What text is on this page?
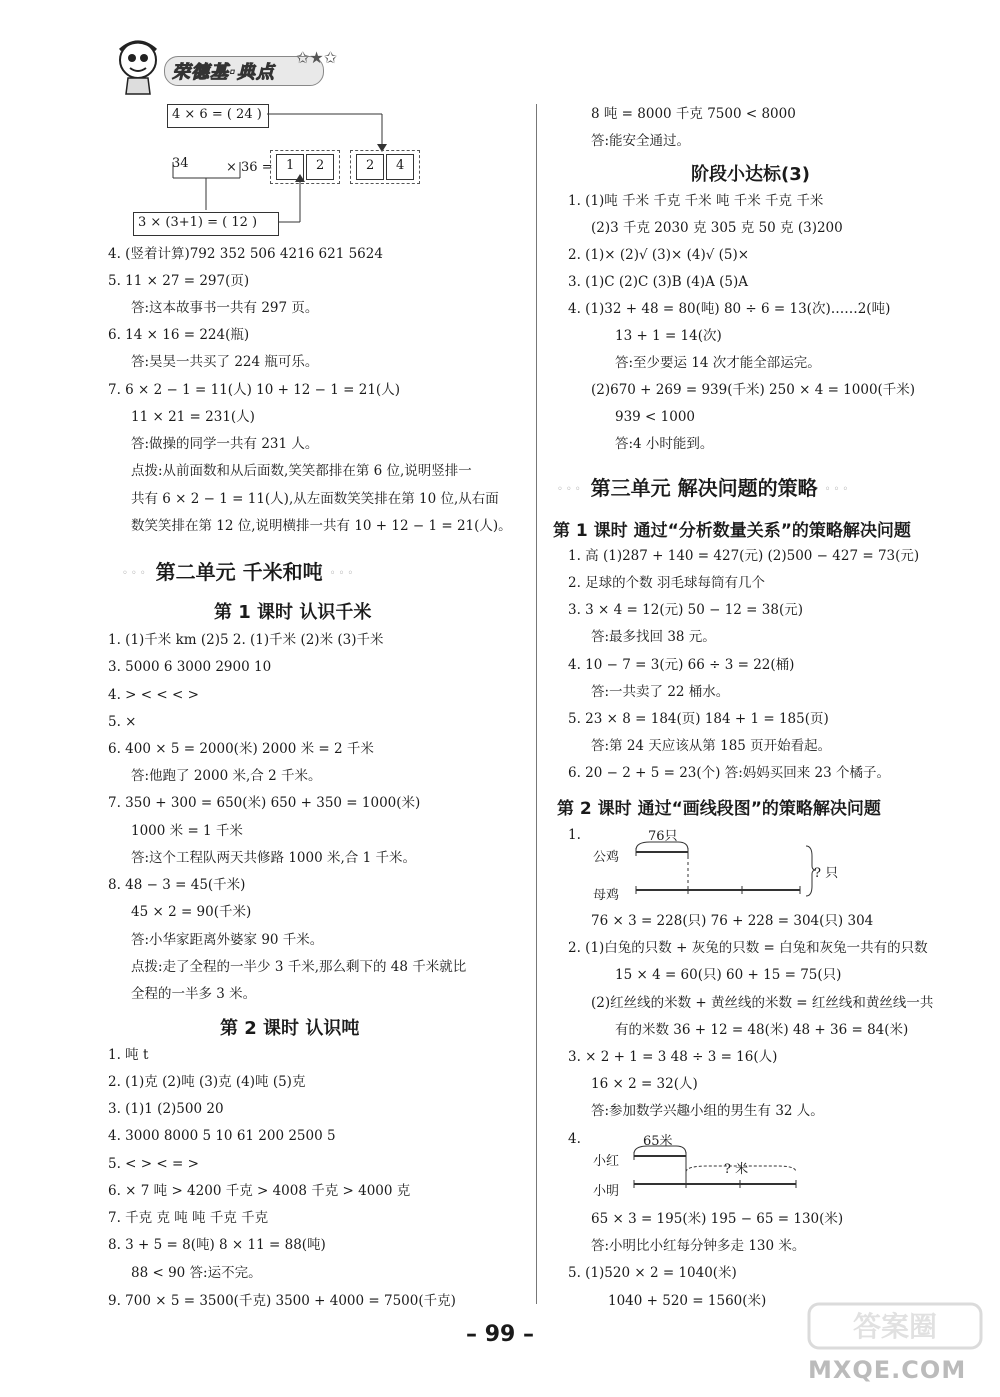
荣德基·典点
✩★✩
4 × 6 = ( 24 )
34	× 36 = 1 2	2 4
3 × (3+1) = ( 12 )
4. (竖着计算)792 352 506 4216 621 5624
5. 11 × 27 = 297(页)
答:这本故事书一共有 297 页。
6. 14 × 16 = 224(瓶)
答:昊昊一共买了 224 瓶可乐。
7. 6 × 2 − 1 = 11(人) 10 + 12 − 1 = 21(人)
11 × 21 = 231(人)
答:做操的同学一共有 231 人。
点拨:从前面数和从后面数,笑笑都排在第 6 位,说明竖排一
共有 6 × 2 − 1 = 11(人),从左面数笑笑排在第 10 位,从右面
数笑笑排在第 12 位,说明横排一共有 10 + 12 − 1 = 21(人)。
◦◦◦ 第二单元 千米和吨 ◦◦◦
第 1 课时 认识千米
1. (1)千米 km (2)5 2. (1)千米 (2)米 (3)千米
3. 5000 6 3000 2900 10
4. > < < < >
5. ×
6. 400 × 5 = 2000(米) 2000 米 = 2 千米
答:他跑了 2000 米,合 2 千米。
7. 350 + 300 = 650(米) 650 + 350 = 1000(米)
1000 米 = 1 千米
答:这个工程队两天共修路 1000 米,合 1 千米。
8. 48 − 3 = 45(千米)
45 × 2 = 90(千米)
答:小华家距离外婆家 90 千米。
点拨:走了全程的一半少 3 千米,那么剩下的 48 千米就比
全程的一半多 3 米。
第 2 课时 认识吨
1. 吨 t
2. (1)克 (2)吨 (3)克 (4)吨 (5)克
3. (1)1 (2)500 20
4. 3000 8000 5 10 61 200 2500 5
5. < > < = >
6. × 7 吨 > 4200 千克 > 4008 千克 > 4000 克
7. 千克 克 吨 吨 千克 千克
8. 3 + 5 = 8(吨) 8 × 11 = 88(吨)
88 < 90 答:运不完。
9. 700 × 5 = 3500(千克) 3500 + 4000 = 7500(千克)
8 吨 = 8000 千克 7500 < 8000
答:能安全通过。
阶段小达标(3)
1. (1)吨 千米 千克 千米 吨 千米 千克 千米
(2)3 千克 2030 克 305 克 50 克 (3)200
2. (1)× (2)√ (3)× (4)√ (5)×
3. (1)C (2)C (3)B (4)A (5)A
4. (1)32 + 48 = 80(吨) 80 ÷ 6 = 13(次)……2(吨)
13 + 1 = 14(次)
答:至少要运 14 次才能全部运完。
(2)670 + 269 = 939(千米) 250 × 4 = 1000(千米)
939 < 1000
答:4 小时能到。
◦◦◦ 第三单元 解决问题的策略 ◦◦◦
第 1 课时 通过“分析数量关系”的策略解决问题
1. 高 (1)287 + 140 = 427(元) (2)500 − 427 = 73(元)
2. 足球的个数 羽毛球每筒有几个
3. 3 × 4 = 12(元) 50 − 12 = 38(元)
答:最多找回 38 元。
4. 10 − 7 = 3(元) 66 ÷ 3 = 22(桶)
答:一共卖了 22 桶水。
5. 23 × 8 = 184(页) 184 + 1 = 185(页)
答:第 24 天应该从第 185 页开始看起。
6. 20 − 2 + 5 = 23(个) 答:妈妈买回来 23 个橘子。
第 2 课时 通过“画线段图”的策略解决问题
1.
76 × 3 = 228(只) 76 + 228 = 304(只) 304
2. (1)白兔的只数 + 灰兔的只数 = 白兔和灰兔一共有的只数
15 × 4 = 60(只) 60 + 15 = 75(只)
(2)红丝线的米数 + 黄丝线的米数 = 红丝线和黄丝线一共
有的米数 36 + 12 = 48(米) 48 + 36 = 84(米)
3. × 2 + 1 = 3 48 ÷ 3 = 16(人)
16 × 2 = 32(人)
答:参加数学兴趣小组的男生有 32 人。
4.
65 × 3 = 195(米) 195 − 65 = 130(米)
答:小明比小红每分钟多走 130 米。
5. (1)520 × 2 = 1040(米)
1040 + 520 = 1560(米)
76只
公鸡
母鸡
? 只
65米
小红
小明
? 米
– 99 –	答案圈
MXQE.COM
